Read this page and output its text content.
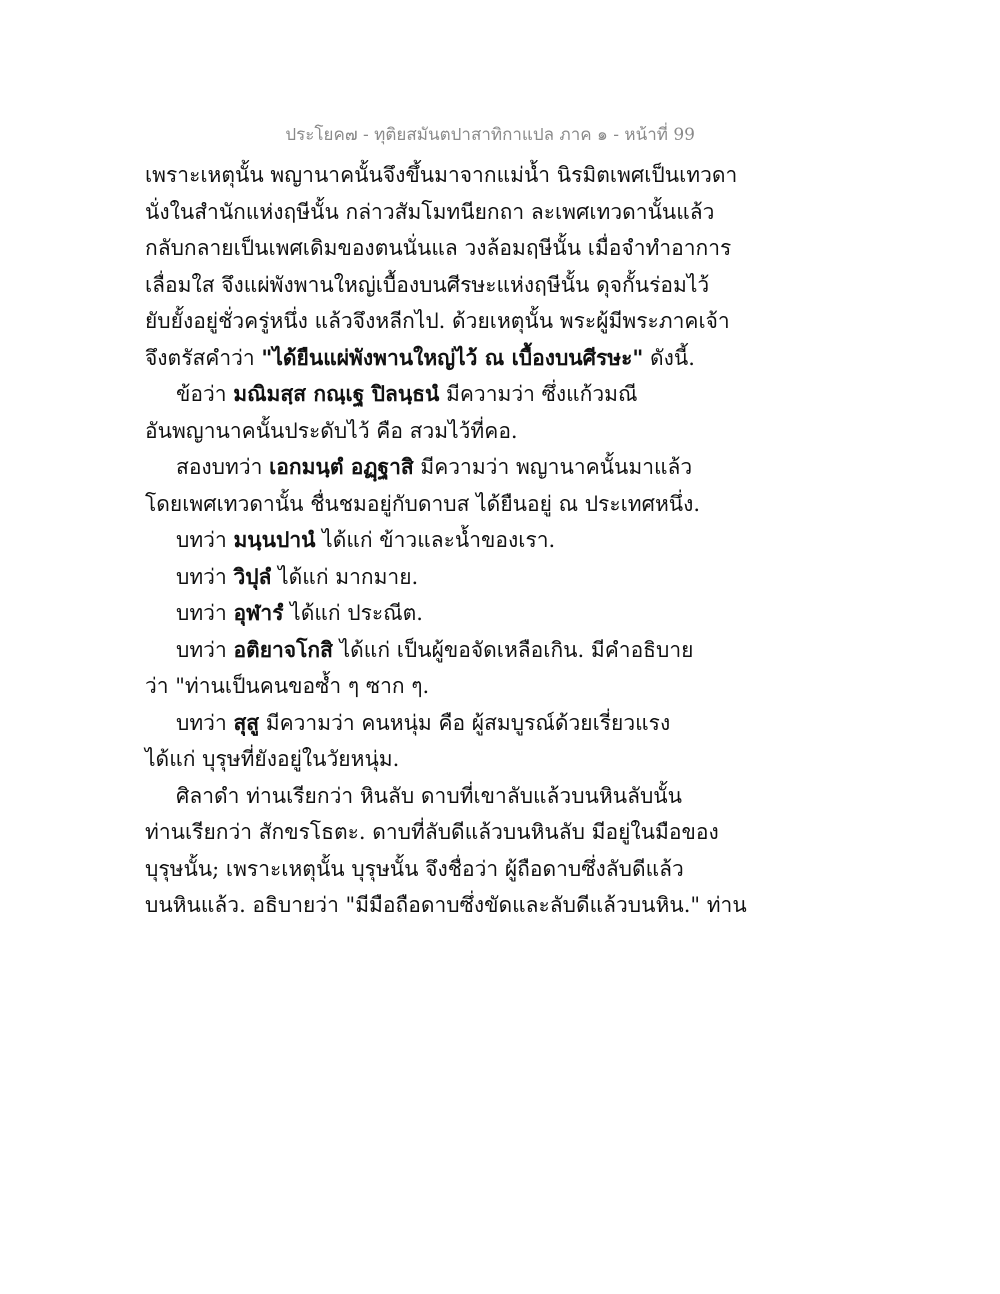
ประโยค๗ - ทุติยสมันตปาสาทิกาแปล ภาค ๑ - หน้าที่ 99
เพราะเหตุนั้น พญานาคนั้นจึงขึ้นมาจากแม่น้ำ นิรมิตเพศเป็นเทวดา
นั่งในสำนักแห่งฤษีนั้น กล่าวสัมโมทนียกถา ละเพศเทวดานั้นแล้ว
กลับกลายเป็นเพศเดิมของตนนั่นแล วงล้อมฤษีนั้น เมื่อจำทำอาการ
เลื่อมใส จึงแผ่พังพานใหญ่เบื้องบนศีรษะแห่งฤษีนั้น ดุจกั้นร่อมไว้
ยับยั้งอยู่ชั่วครู่หนึ่ง แล้วจึงหลีกไป. ด้วยเหตุนั้น พระผู้มีพระภาคเจ้า
จึงตรัสคำว่า "ได้ยืนแผ่พังพานใหญ่ไว้ ณ เบื้องบนศีรษะ" ดังนี้.
ข้อว่า มณิมสฺส กณฺเฐ ปิลนฺธนํ มีความว่า ซึ่งแก้วมณี
อันพญานาคนั้นประดับไว้ คือ สวมไว้ที่คอ.
สองบทว่า เอกมนฺตํ อฏฺฐาสิ มีความว่า พญานาคนั้นมาแล้ว
โดยเพศเทวดานั้น ชื่นชมอยู่กับดาบส ได้ยืนอยู่ ณ ประเทศหนึ่ง.
บทว่า มนฺนปานํ ได้แก่ ข้าวและน้ำของเรา.
บทว่า วิปุลํ ได้แก่ มากมาย.
บทว่า อุฬารํ ได้แก่ ประณีต.
บทว่า อติยาจโกสิ ได้แก่ เป็นผู้ขอจัดเหลือเกิน. มีคำอธิบาย
ว่า "ท่านเป็นคนขอซ้ำ ๆ ซาก ๆ.
บทว่า สุสู มีความว่า คนหนุ่ม คือ ผู้สมบูรณ์ด้วยเรี่ยวแรง
ได้แก่ บุรุษที่ยังอยู่ในวัยหนุ่ม.
ศิลาดำ ท่านเรียกว่า หินลับ ดาบที่เขาลับแล้วบนหินลับนั้น
ท่านเรียกว่า สักขรโธตะ. ดาบที่ลับดีแล้วบนหินลับ มีอยู่ในมือของ
บุรุษนั้น; เพราะเหตุนั้น บุรุษนั้น จึงชื่อว่า ผู้ถือดาบซึ่งลับดีแล้ว
บนหินแล้ว. อธิบายว่า "มีมือถือดาบซึ่งขัดและลับดีแล้วบนหิน." ท่าน
